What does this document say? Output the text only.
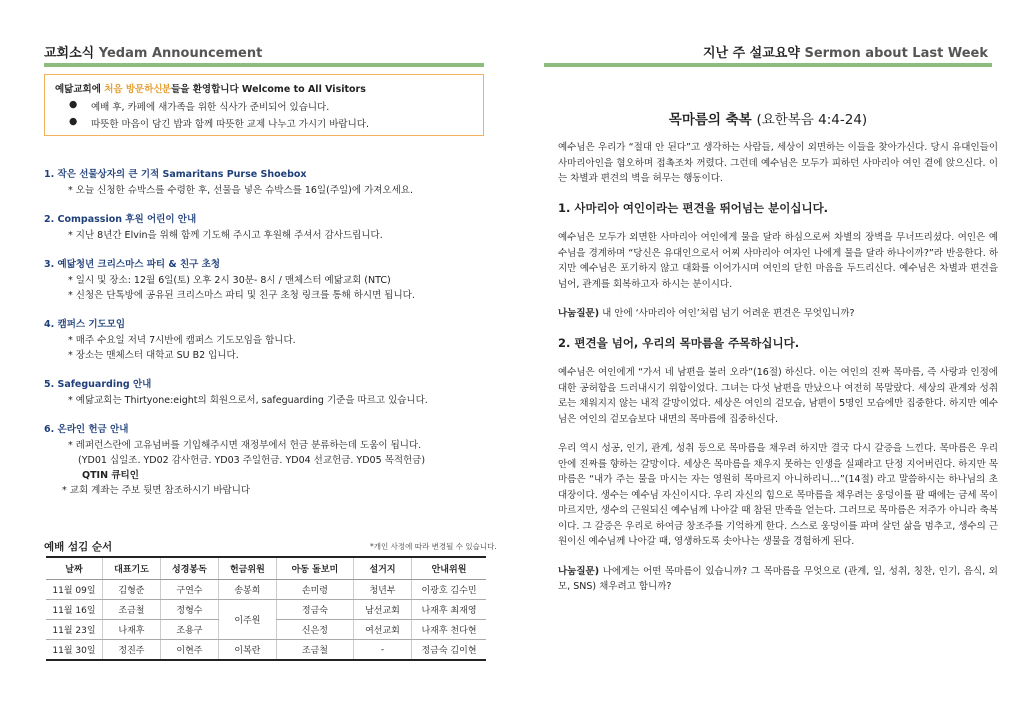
교회소식 Yedam Announcement
예닮교회에 처음 방문하신 분들을 환영합니다 Welcome to All Visitors
●	예배 후, 카페에 새가족을 위한 식사가 준비되어 있습니다.
●	따뜻한 마음이 담긴 밥과 함께 따뜻한 교제 나누고 가시기 바랍니다.
1. 작은 선물상자의 큰 기적 Samaritans Purse Shoebox
* 오늘 신청한 슈박스를 수령한 후, 선물을 넣은 슈박스를 16일(주일)에 가져오세요.
2. Compassion 후원 어린이 안내
* 지난 8년간 Elvin을 위해 함께 기도해 주시고 후원해 주셔서 감사드립니다.
3. 예닮청년 크리스마스 파티 & 친구 초청
* 일시 및 장소: 12월 6일(토) 오후 2시 30분- 8시 / 맨체스터 예닮교회 (NTC)
* 신청은 단톡방에 공유된 크리스마스 파티 및 친구 초청 링크를 통해 하시면 됩니다.
4. 캠퍼스 기도모임
* 매주 수요일 저녁 7시반에 캠퍼스 기도모임을 합니다.
* 장소는 맨체스터 대학교 SU B2 입니다.
5. Safeguarding 안내
* 예닮교회는 Thirtyone:eight의 회원으로서, safeguarding 기준을 따르고 있습니다.
6. 온라인 헌금 안내
* 레퍼런스란에 고유넘버를 기입해주시면 재정부에서 헌금 분류하는데 도움이 됩니다.
(YD01 십일조. YD02 감사헌금. YD03 주일헌금. YD04 선교헌금. YD05 목적헌금)
QTIN 큐티인
* 교회 계좌는 주보 뒷면 참조하시기 바랍니다
예배 섬김 순서	*개인 사정에 따라 변경될 수 있습니다.
날짜	대표기도	성경봉독	헌금위원	아동 돌보미	설거지	안내위원
11월 09일	김형준	구연수	송봉희	손미령	청년부	이광호 김수민
11월 16일	조금철	정형수	이주원	정금숙	남선교회	나재후 최재영
11월 23일	나재후	조용구		신은정	여선교회	나재후 천다현
11월 30일	정진주	이현주	이복란	조금철	-	정금숙 김이현
지난 주 설교요약 Sermon about Last Week
목마름의 축복 (요한복음 4:4-24)

예수님은 우리가 “절대 안 된다”고 생각하는 사람들, 세상이 외면하는 이들을 찾아가신다. 당시 유대인들이 사마리아인을 혐오하며 접촉조차 꺼렸다. 그런데 예수님은 모두가 피하던 사마리아 여인 곁에 앉으신다. 이는 차별과 편견의 벽을 허무는 행동이다.

1. 사마리아 여인이라는 편견을 뛰어넘는 분이십니다.

예수님은 모두가 외면한 사마리아 여인에게 물을 달라 하심으로써 차별의 장벽을 무너뜨리셨다. 여인은 예수님을 경계하며 “당신은 유대인으로서 어찌 사마리아 여자인 나에게 물을 달라 하나이까?”라 반응한다. 하지만 예수님은 포기하지 않고 대화를 이어가시며 여인의 닫힌 마음을 두드리신다. 예수님은 차별과 편견을 넘어, 관계를 회복하고자 하시는 분이시다.

나눔질문) 내 안에 ‘사마리아 여인’처럼 넘기 어려운 편견은 무엇입니까?

2. 편견을 넘어, 우리의 목마름을 주목하십니다.

예수님은 여인에게 “가서 네 남편을 불러 오라”(16절) 하신다. 이는 여인의 진짜 목마름, 즉 사랑과 인정에 대한 공허함을 드러내시기 위함이었다. 그녀는 다섯 남편을 만났으나 여전히 목말랐다. 세상의 관계와 성취로는 채워지지 않는 내적 갈망이었다. 세상은 여인의 겉모습, 남편이 5명인 모습에만 집중한다. 하지만 예수님은 여인의 겉모습보다 내면의 목마름에 집중하신다.

우리 역시 성공, 인기, 관계, 성취 등으로 목마름을 채우려 하지만 결국 다시 갈증을 느낀다. 목마름은 우리안에 진짜를 향하는 갈망이다. 세상은 목마름을 채우지 못하는 인생을 실패라고 단정 지어버린다. 하지만 목마름은 “내가 주는 물을 마시는 자는 영원히 목마르지 아니하리니…”(14절) 라고 말씀하시는 하나님의 초대장이다. 생수는 예수님 자신이시다. 우리 자신의 힘으로 목마름을 채우려는 웅덩이를 팔 때에는 금세 목이 마르지만, 생수의 근원되신 예수님께 나아갈 때 참된 만족을 얻는다. 그러므로 목마름은 저주가 아니라 축복이다. 그 갈증은 우리로 하여금 창조주를 기억하게 한다. 스스로 웅덩이를 파며 살던 삶을 멈추고, 생수의 근원이신 예수님께 나아갈 때, 영생하도록 솟아나는 생물을 경험하게 된다.

나눔질문) 나에게는 어떤 목마름이 있습니까? 그 목마름을 무엇으로 (관계, 일, 성취, 칭찬, 인기, 음식, 외모, SNS) 채우려고 합니까?
